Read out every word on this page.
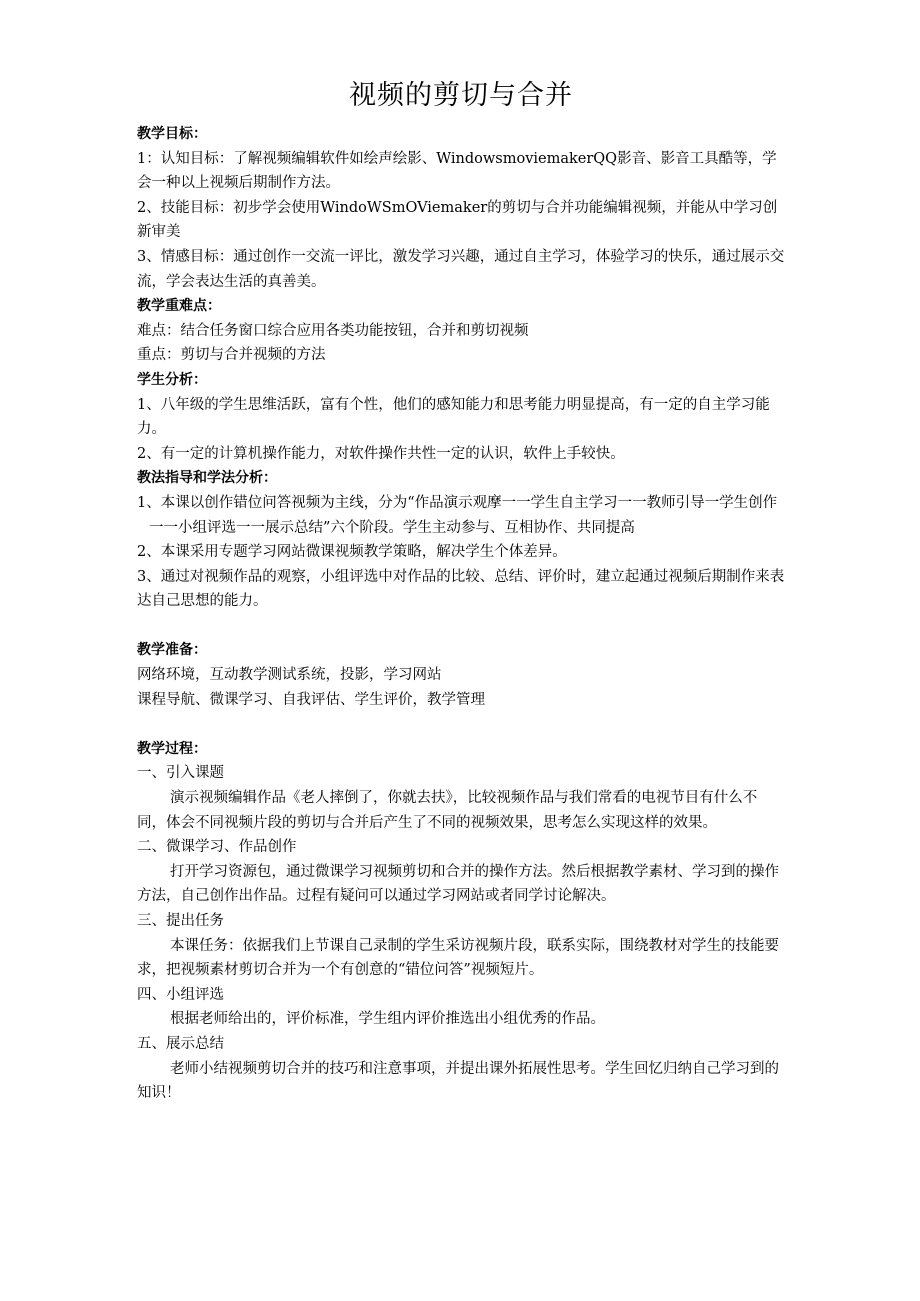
视频的剪切与合并

教学目标：

1：认知目标：了解视频编辑软件如绘声绘影、WindowsmoviemakerQQ影音、影音工具酷等，学会一种以上视频后期制作方法。

2、技能目标：初步学会使用WindoWSmOViemaker的剪切与合并功能编辑视频，并能从中学习创新审美

3、情感目标：通过创作一交流一评比，激发学习兴趣，通过自主学习，体验学习的快乐，通过展示交流，学会表达生活的真善美。

教学重难点：

难点：结合任务窗口综合应用各类功能按钮，合并和剪切视频

重点：剪切与合并视频的方法

学生分析：

1、八年级的学生思维活跃，富有个性，他们的感知能力和思考能力明显提高，有一定的自主学习能力。

2、有一定的计算机操作能力，对软件操作共性一定的认识，软件上手较快。

教法指导和学法分析：

1、本课以创作错位问答视频为主线，分为“作品演示观摩一一学生自主学习一一教师引导一学生创作一一小组评选一一展示总结”六个阶段。学生主动参与、互相协作、共同提高

2、本课采用专题学习网站微课视频教学策略，解决学生个体差异。

3、通过对视频作品的观察，小组评选中对作品的比较、总结、评价时，建立起通过视频后期制作来表达自己思想的能力。

教学准备：

网络环境，互动教学测试系统，投影，学习网站

课程导航、微课学习、自我评估、学生评价，教学管理

教学过程：

一、引入课题

演示视频编辑作品《老人摔倒了，你就去扶》，比较视频作品与我们常看的电视节目有什么不同，体会不同视频片段的剪切与合并后产生了不同的视频效果，思考怎么实现这样的效果。

二、微课学习、作品创作

打开学习资源包，通过微课学习视频剪切和合并的操作方法。然后根据教学素材、学习到的操作方法，自己创作出作品。过程有疑问可以通过学习网站或者同学讨论解决。

三、提出任务

本课任务：依据我们上节课自己录制的学生采访视频片段，联系实际，围绕教材对学生的技能要求，把视频素材剪切合并为一个有创意的“错位问答”视频短片。

四、小组评选

根据老师给出的，评价标准，学生组内评价推选出小组优秀的作品。

五、展示总结

老师小结视频剪切合并的技巧和注意事项，并提出课外拓展性思考。学生回忆归纳自己学习到的知识！
